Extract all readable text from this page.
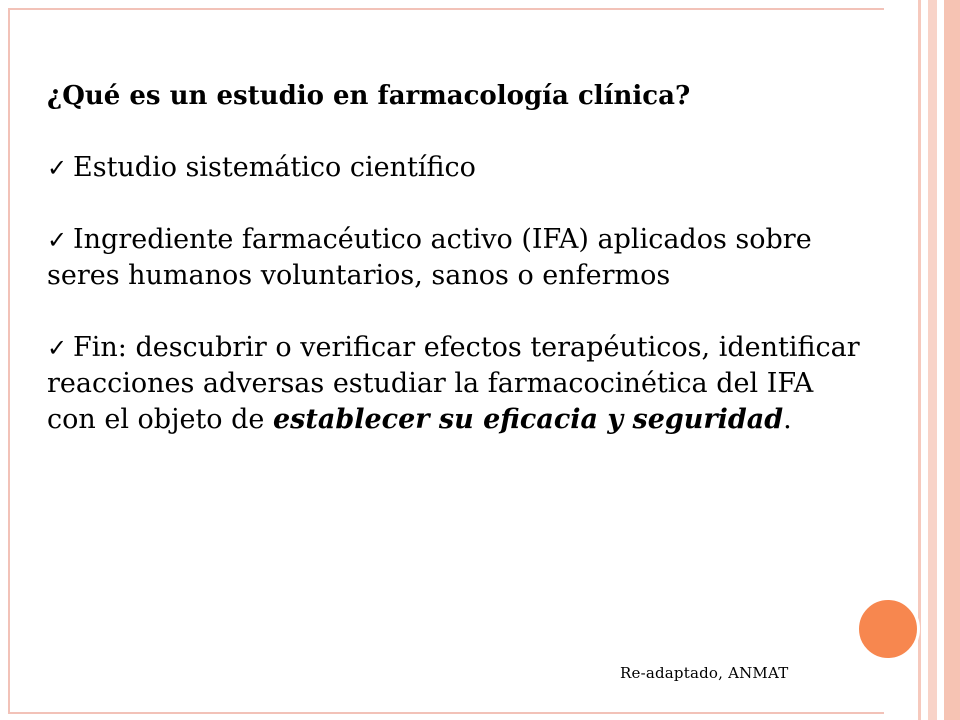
¿Qué es un estudio en farmacología clínica?

✓ Estudio sistemático científico

✓ Ingrediente farmacéutico activo (IFA) aplicados sobre seres humanos voluntarios, sanos o enfermos

✓ Fin: descubrir o verificar efectos terapéuticos, identificar reacciones adversas estudiar la farmacocinética del IFA con el objeto de establecer su eficacia y seguridad.

Re-adaptado, ANMAT
